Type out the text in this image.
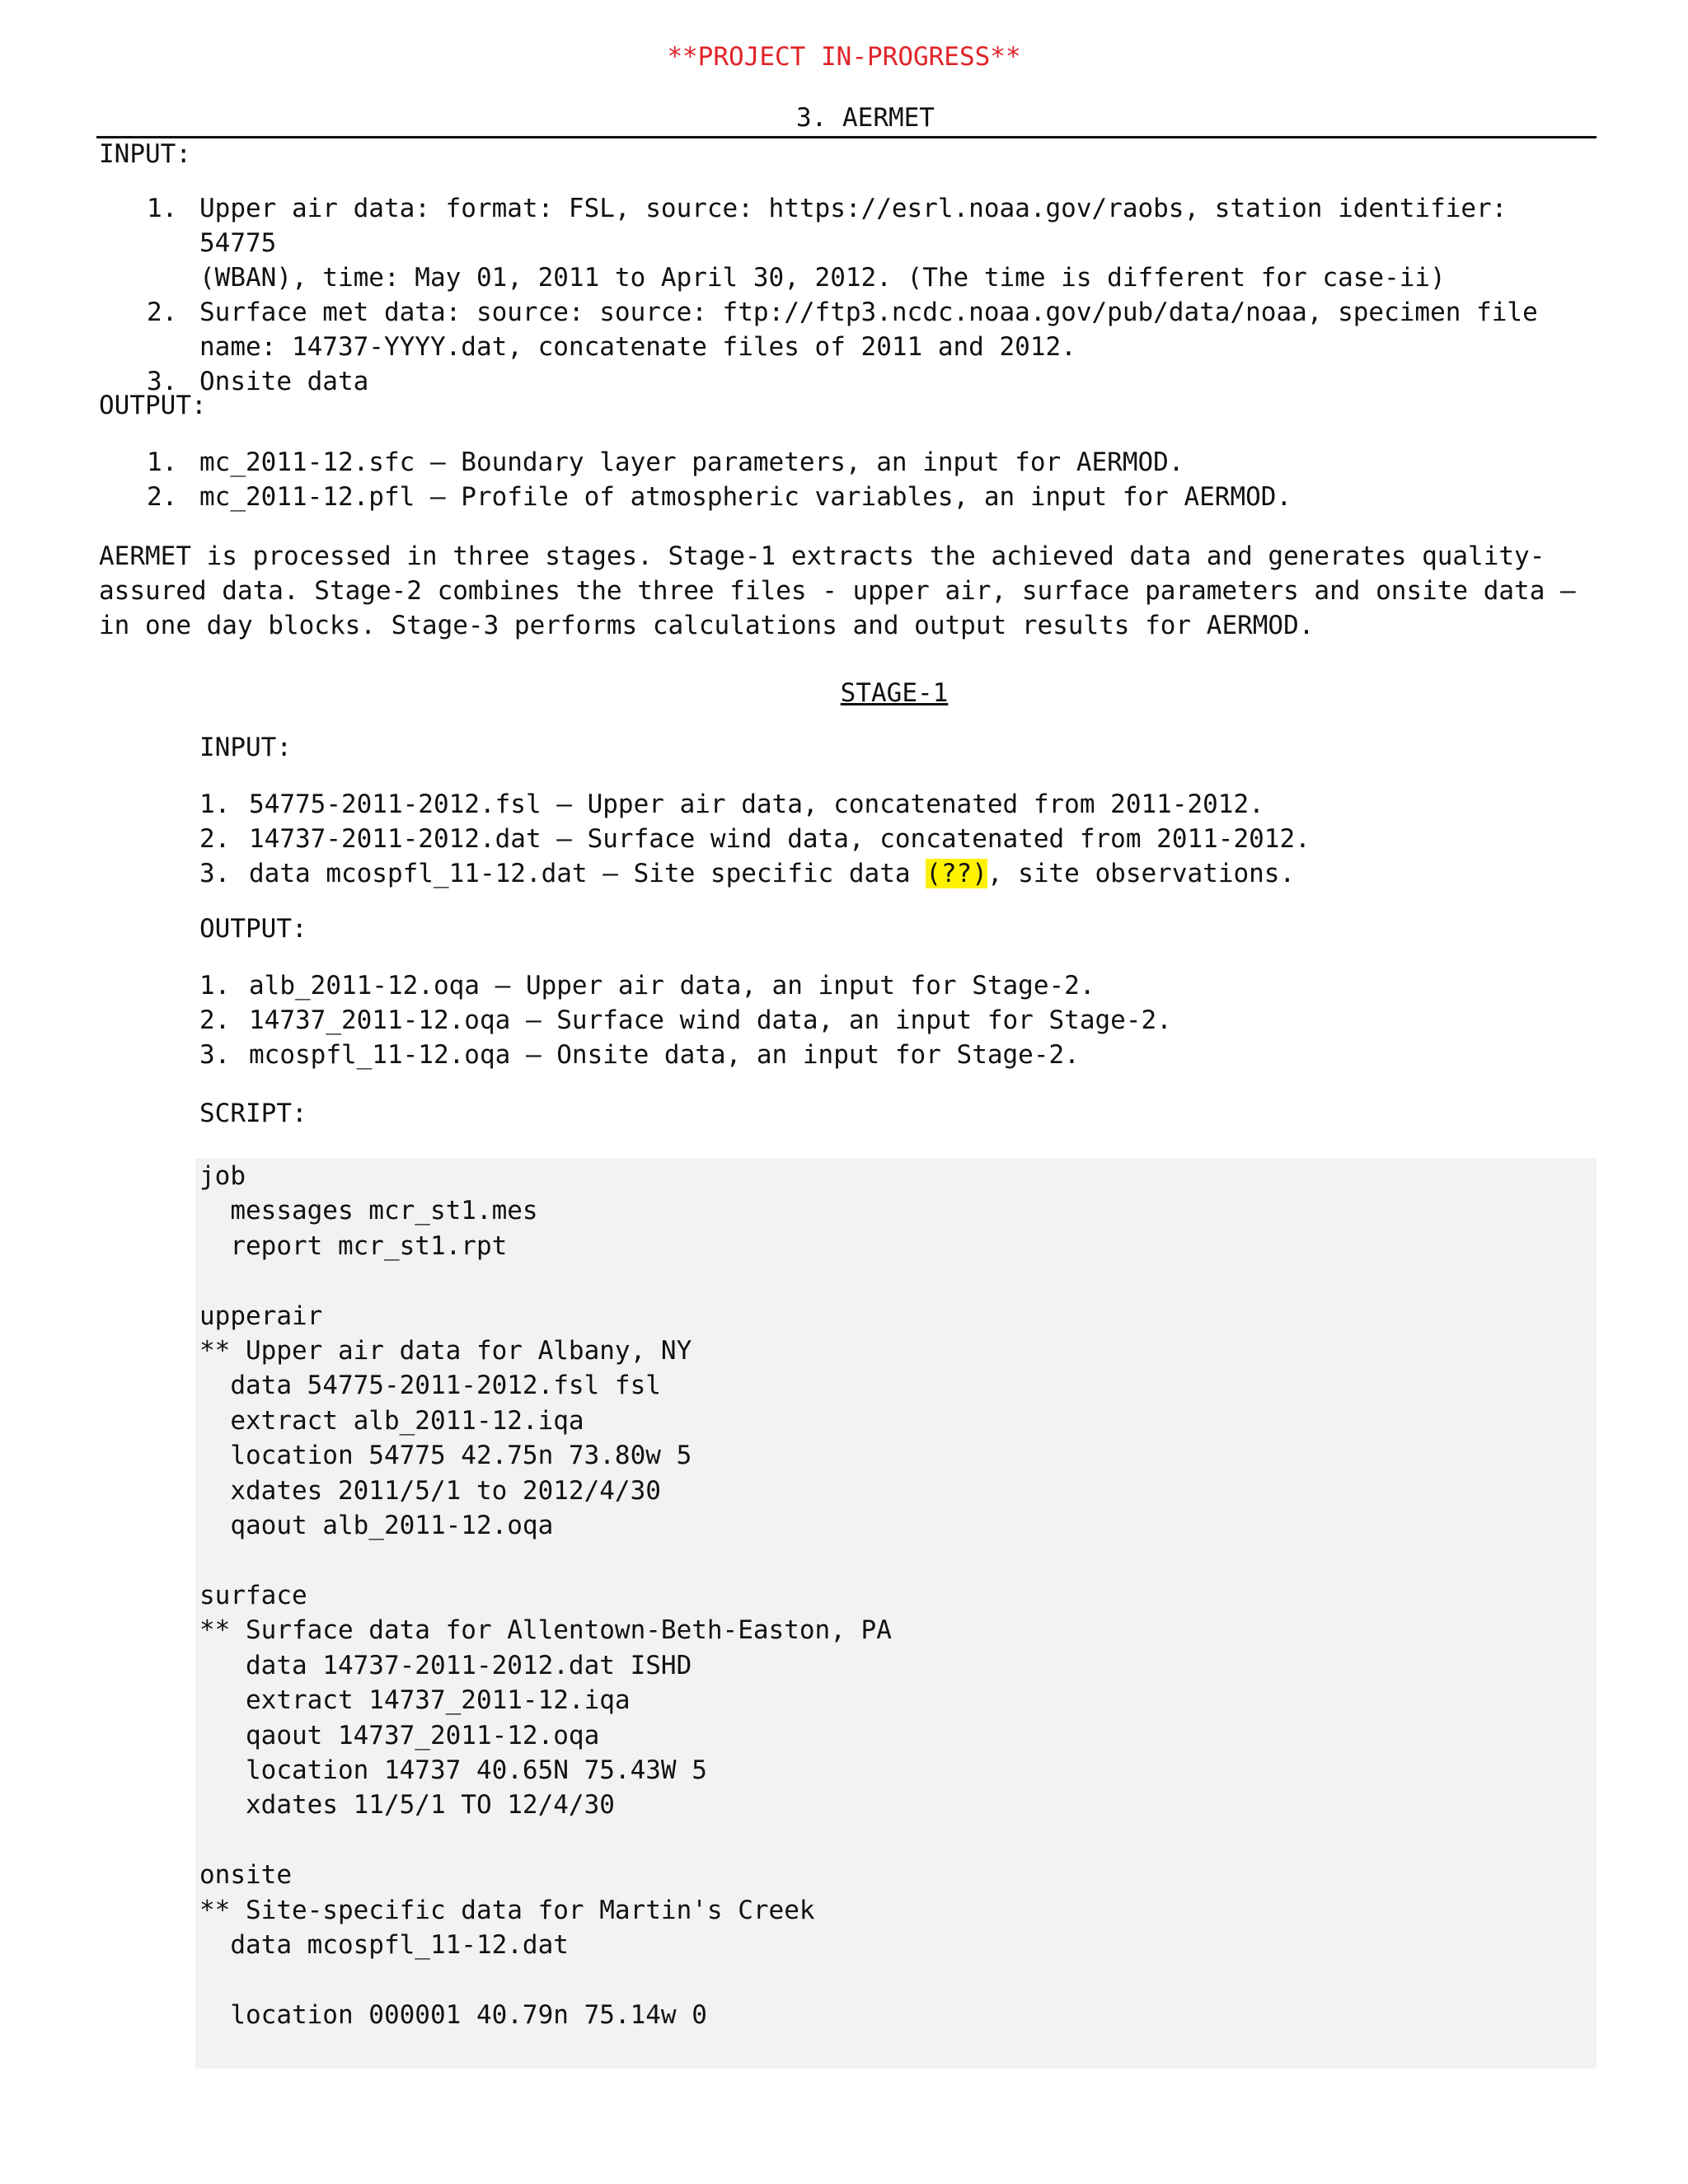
**PROJECT IN-PROGRESS**
3. AERMET
INPUT:
1. Upper air data: format: FSL, source: https://esrl.noaa.gov/raobs, station identifier: 54775
(WBAN), time: May 01, 2011 to April 30, 2012. (The time is different for case-ii)
2. Surface met data: source: source: ftp://ftp3.ncdc.noaa.gov/pub/data/noaa, specimen file
name: 14737-YYYY.dat, concatenate files of 2011 and 2012.
3. Onsite data
OUTPUT:
1. mc_2011-12.sfc – Boundary layer parameters, an input for AERMOD.
2. mc_2011-12.pfl – Profile of atmospheric variables, an input for AERMOD.
AERMET is processed in three stages. Stage-1 extracts the achieved data and generates quality-
assured data. Stage-2 combines the three files - upper air, surface parameters and onsite data –
in one day blocks. Stage-3 performs calculations and output results for AERMOD.
STAGE-1
INPUT:
1. 54775-2011-2012.fsl – Upper air data, concatenated from 2011-2012.
2. 14737-2011-2012.dat – Surface wind data, concatenated from 2011-2012.
3. data mcospfl_11-12.dat – Site specific data (??), site observations.
OUTPUT:
1. alb_2011-12.oqa – Upper air data, an input for Stage-2.
2. 14737_2011-12.oqa – Surface wind data, an input for Stage-2.
3. mcospfl_11-12.oqa – Onsite data, an input for Stage-2.
SCRIPT:
job
messages mcr_st1.mes
report mcr_st1.rpt

upperair
** Upper air data for Albany, NY
data 54775-2011-2012.fsl fsl
extract alb_2011-12.iqa
location 54775 42.75n 73.80w 5
xdates 2011/5/1 to 2012/4/30
qaout alb_2011-12.oqa

surface
** Surface data for Allentown-Beth-Easton, PA
data 14737-2011-2012.dat ISHD
extract 14737_2011-12.iqa
qaout 14737_2011-12.oqa
location 14737 40.65N 75.43W 5
xdates 11/5/1 TO 12/4/30

onsite
** Site-specific data for Martin's Creek
data mcospfl_11-12.dat

location 000001 40.79n 75.14w 0
